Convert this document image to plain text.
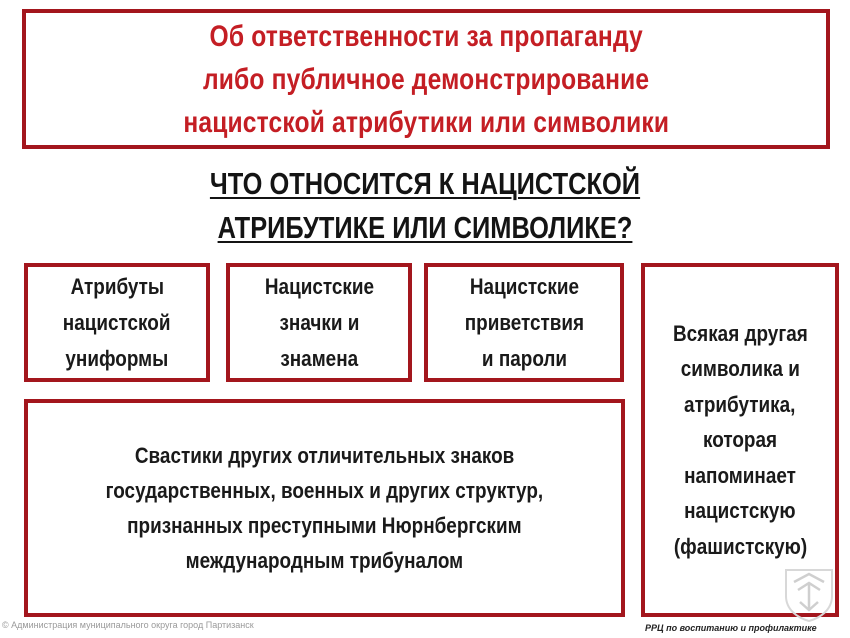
Об ответственности за пропаганду
либо публичное демонстрирование
нацистской атрибутики или символики
ЧТО ОТНОСИТСЯ К НАЦИСТСКОЙ
АТРИБУТИКЕ ИЛИ СИМВОЛИКЕ?
Атрибуты
нацистской
униформы
Нацистские
значки и
знамена
Нацистские
приветствия
и пароли
Свастики других отличительных знаков
государственных, военных и других структур,
признанных преступными Нюрнбергским
международным трибуналом
Всякая другая
символика и
атрибутика,
которая
напоминает
нацистскую
(фашистскую)
© Администрация муниципального округа город Партизанск	РРЦ по воспитанию и профилактике
